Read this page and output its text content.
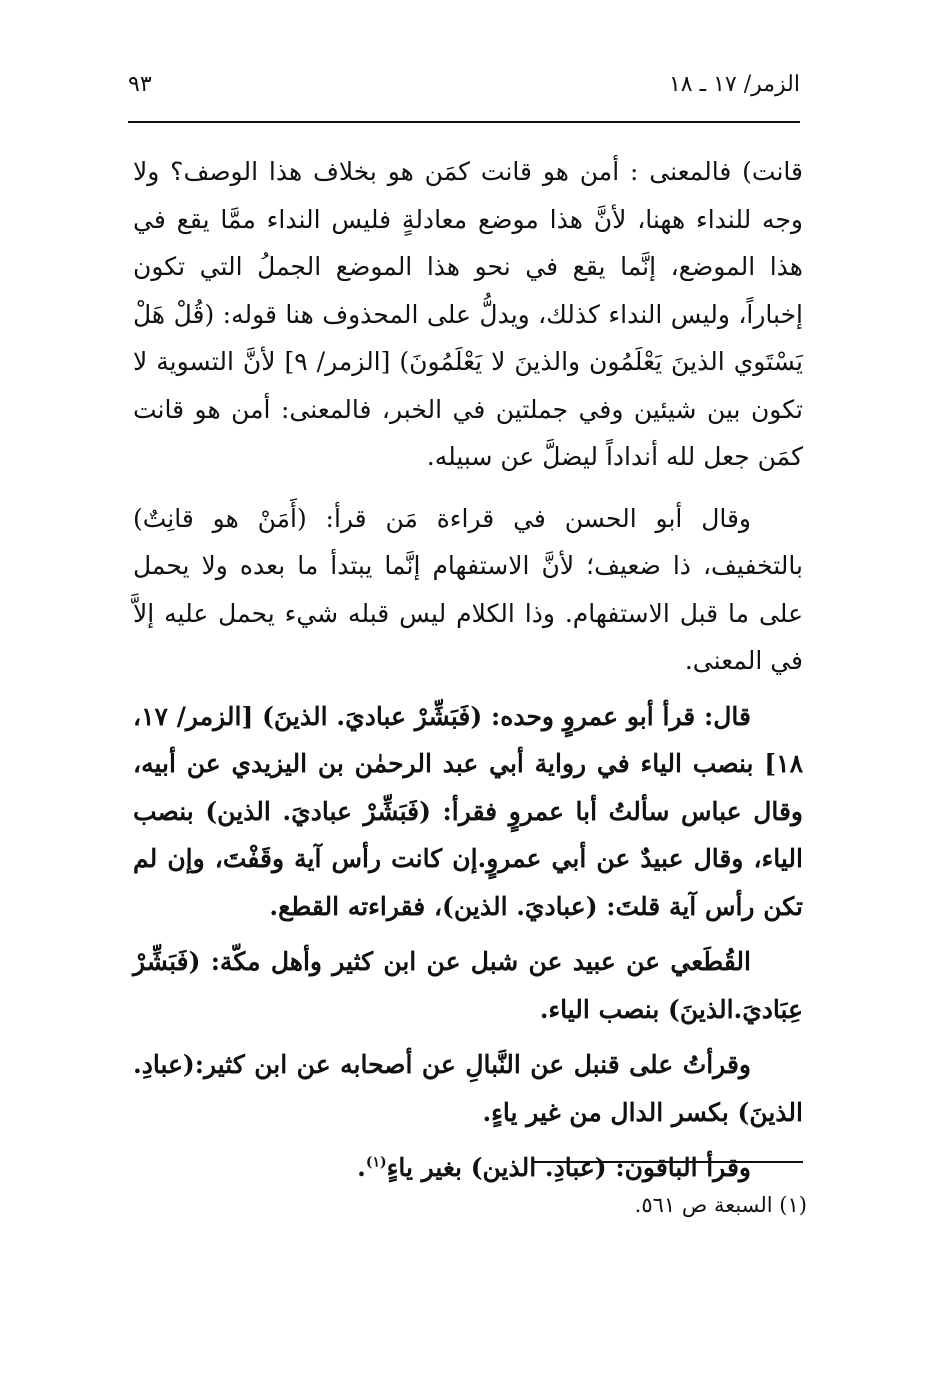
الزمر/ ١٧ ـ ١٨
٩٣

قانت) فالمعنى : أمن هو قانت كمَن هو بخلاف هذا الوصف؟ ولا وجه للنداء ههنا، لأنَّ هذا موضع معادلةٍ فليس النداء ممَّا يقع في هذا الموضع، إنَّما يقع في نحو هذا الموضع الجملُ التي تكون إخباراً، وليس النداء كذلك، ويدلُّ على المحذوف هنا قوله: (قُلْ هَلْ يَسْتَوي الذينَ يَعْلَمُون والذينَ لا يَعْلَمُونَ) [الزمر/ ٩] لأنَّ التسوية لا تكون بين شيئين وفي جملتين في الخبر، فالمعنى: أمن هو قانت كمَن جعل لله أنداداً ليضلَّ عن سبيله.

وقال أبو الحسن في قراءة مَن قرأ: (أَمَنْ هو قانِتٌ) بالتخفيف، ذا ضعيف؛ لأنَّ الاستفهام إنَّما يبتدأ ما بعده ولا يحمل على ما قبل الاستفهام. وذا الكلام ليس قبله شيء يحمل عليه إلاَّ في المعنى.

قال: قرأ أبو عمروٍ وحده: (فَبَشِّرْ عباديَ. الذينَ) [الزمر/ ١٧، ١٨] بنصب الياء في رواية أبي عبد الرحمٰن بن اليزيدي عن أبيه، وقال عباس سألتُ أبا عمروٍ فقرأ: (فَبَشِّرْ عباديَ. الذين) بنصب الياء، وقال عبيدٌ عن أبي عمروٍ.إن كانت رأس آية وقَفْتَ، وإن لم تكن رأس آية قلتَ: (عباديَ. الذين)، فقراءته القطع.

القُطَعي عن عبيد عن شبل عن ابن كثير وأهل مكّة: (فَبَشِّرْ عِبَاديَ.الذينَ) بنصب الياء.

وقرأتُ على قنبل عن النَّبالِ عن أصحابه عن ابن كثير:(عبادِ. الذينَ) بكسر الدال من غير ياءٍ.

وقرأ الباقون: (عبادِ. الذين) بغير ياءٍ$^{(١)}$.

(١) السبعة ص ٥٦١.
